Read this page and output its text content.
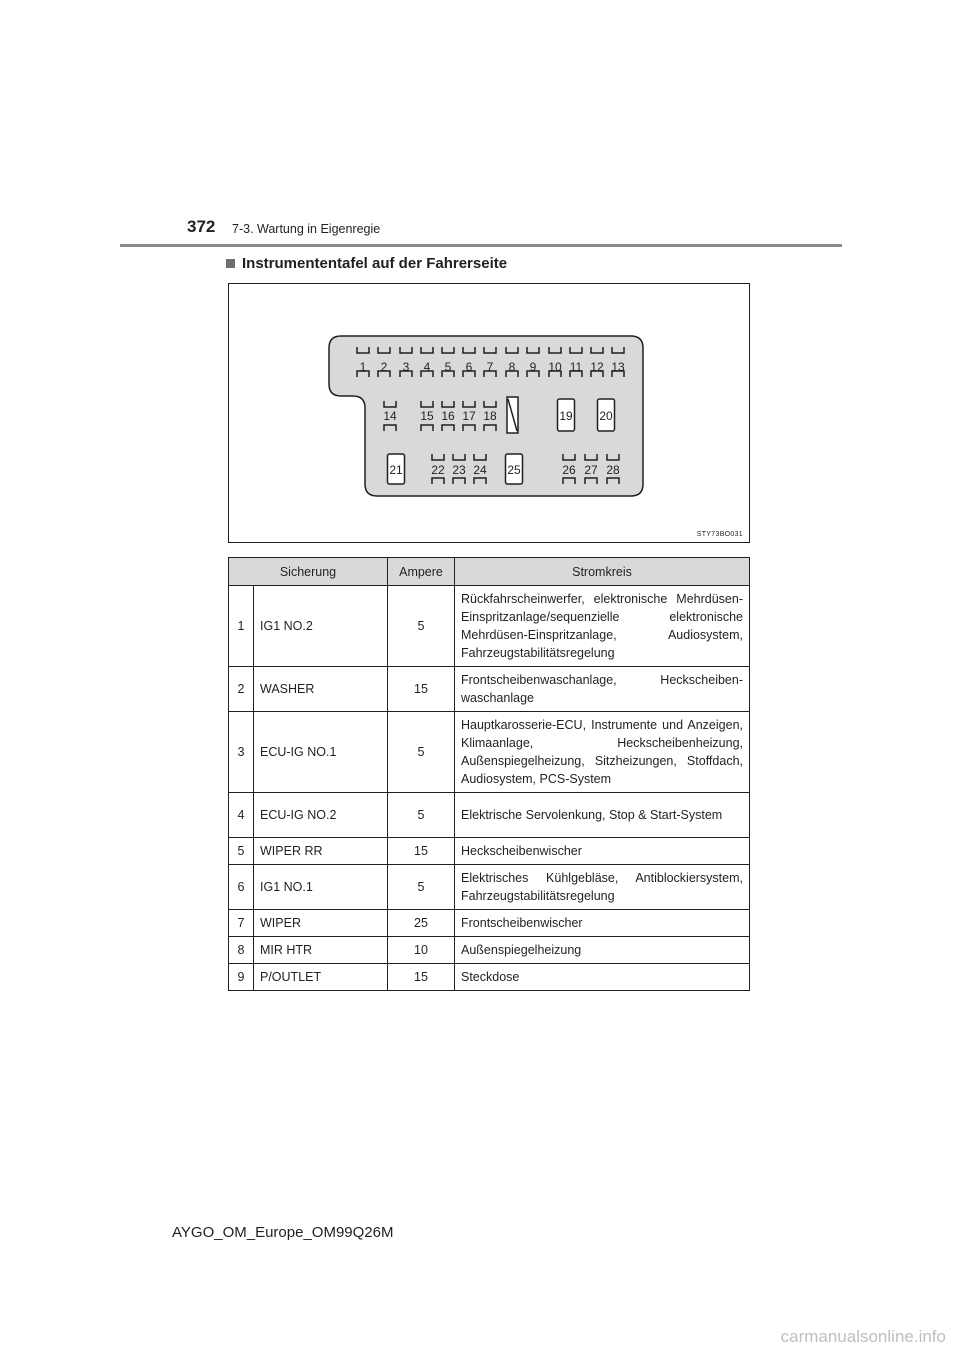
372 7-3. Wartung in Eigenregie
Instrumententafel auf der Fahrerseite
1 2 3 4 5 6 7 8 9 10 11 12 13
14 15 16 17 18	19 20
21 22 23 24 25	26 27 28
STY73BO031
Sicherung		Ampere	Stromkreis
1	IG1 NO.2	5	Rückfahrscheinwerfer, elektronische Mehrdüsen-Einspritzanlage/sequenzielle elektronische Mehrdüsen-Einspritzanlage, Audiosystem, Fahrzeugstabilitätsregelung
2	WASHER	15	Frontscheibenwaschanlage, Heckscheibenwaschanlage
3	ECU-IG NO.1	5	Hauptkarosserie-ECU, Instrumente und Anzeigen, Klimaanlage, Heckscheibenheizung, Außenspiegelheizung, Sitzheizungen, Stoffdach, Audiosystem, PCS-System
4	ECU-IG NO.2	5	Elektrische Servolenkung, Stop & Start-System
5	WIPER RR	15	Heckscheibenwischer
6	IG1 NO.1	5	Elektrisches Kühlgebläse, Antiblockiersystem, Fahrzeugstabilitätsregelung
7	WIPER	25	Frontscheibenwischer
8	MIR HTR	10	Außenspiegelheizung
9	P/OUTLET	15	Steckdose
AYGO_OM_Europe_OM99Q26M
carmanualsonline.info
